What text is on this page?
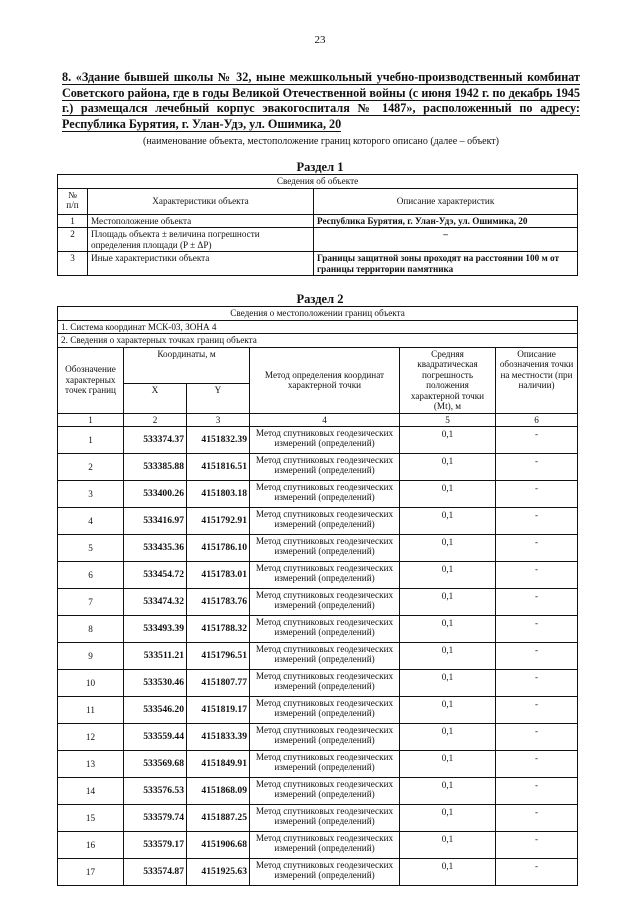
23
8. «Здание бывшей школы № 32, ныне межшкольный учебно-производственный комбинат Советского района, где в годы Великой Отечественной войны (с июня 1942 г. по декабрь 1945 г.) размещался лечебный корпус эвакогоспиталя № 1487», расположенный по адресу: Республика Бурятия, г. Улан-Удэ, ул. Ошимика, 20
(наименование объекта, местоположение границ которого описано (далее – объект)
Раздел 1
Сведения об объекте		
№
п/п	Характеристики объекта	Описание характеристик
1	Местоположение объекта	Республика Бурятия, г. Улан-Удэ, ул. Ошимика, 20
2	Площадь объекта ± величина погрешности определения площади (P ± ΔP)	–
3	Иные характеристики объекта	Границы защитной зоны проходят на расстоянии 100 м от границы территории памятника
Раздел 2
Сведения о местоположении границ объекта					
1. Система координат МСК-03, ЗОНА 4					
2. Сведения о характерных точках границ объекта					
Обозначение характерных точек границ	Координаты, м		Метод определения координат характерной точки	Средняя квадратическая погрешность положения характерной точки (Mt), м	Описание обозначения точки на местности (при наличии)
	X	Y			
1	2	3	4	5	6
1	533374.37	4151832.39	Метод спутниковых геодезических измерений (определений)	0,1	-
2	533385.88	4151816.51	Метод спутниковых геодезических измерений (определений)	0,1	-
3	533400.26	4151803.18	Метод спутниковых геодезических измерений (определений)	0,1	-
4	533416.97	4151792.91	Метод спутниковых геодезических измерений (определений)	0,1	-
5	533435.36	4151786.10	Метод спутниковых геодезических измерений (определений)	0,1	-
6	533454.72	4151783.01	Метод спутниковых геодезических измерений (определений)	0,1	-
7	533474.32	4151783.76	Метод спутниковых геодезических измерений (определений)	0,1	-
8	533493.39	4151788.32	Метод спутниковых геодезических измерений (определений)	0,1	-
9	533511.21	4151796.51	Метод спутниковых геодезических измерений (определений)	0,1	-
10	533530.46	4151807.77	Метод спутниковых геодезических измерений (определений)	0,1	-
11	533546.20	4151819.17	Метод спутниковых геодезических измерений (определений)	0,1	-
12	533559.44	4151833.39	Метод спутниковых геодезических измерений (определений)	0,1	-
13	533569.68	4151849.91	Метод спутниковых геодезических измерений (определений)	0,1	-
14	533576.53	4151868.09	Метод спутниковых геодезических измерений (определений)	0,1	-
15	533579.74	4151887.25	Метод спутниковых геодезических измерений (определений)	0,1	-
16	533579.17	4151906.68	Метод спутниковых геодезических измерений (определений)	0,1	-
17	533574.87	4151925.63	Метод спутниковых геодезических измерений (определений)	0,1	-
